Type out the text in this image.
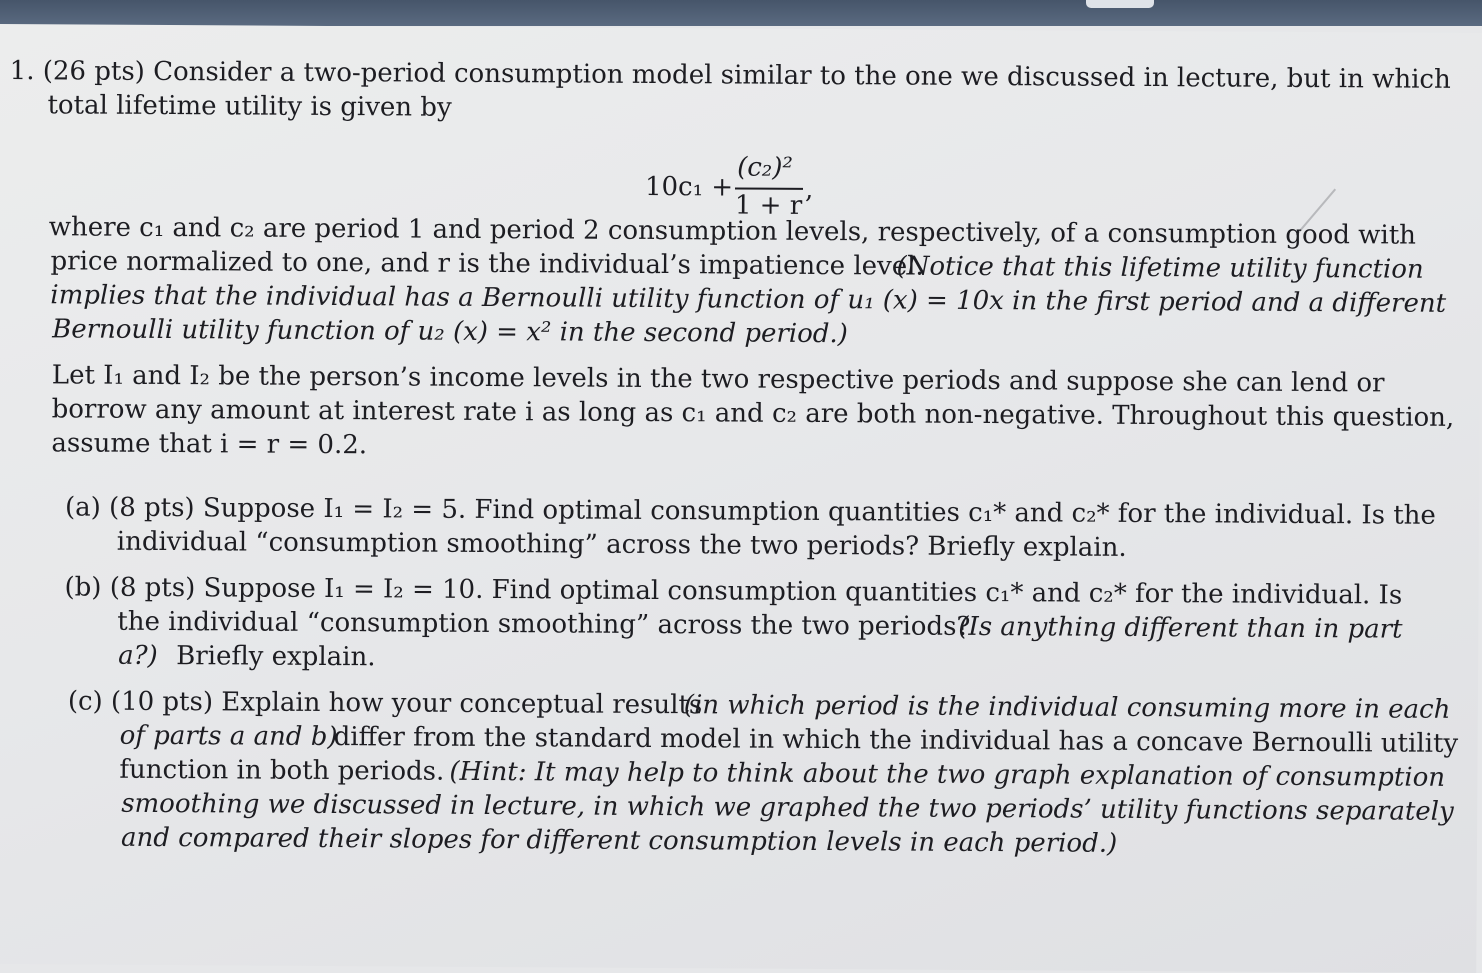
1. (26 pts) Consider a two-period consumption model similar to the one we discussed in lecture, but in which
total lifetime utility is given by
10c₁ +
(c₂)²
1 + r
,
where c₁ and c₂ are period 1 and period 2 consumption levels, respectively, of a consumption good with
price normalized to one, and r is the individual’s impatience level.
(Notice that this lifetime utility function
implies that the individual has a Bernoulli utility function of u₁ (x) = 10x in the first period and a different
Bernoulli utility function of u₂ (x) = x² in the second period.)
Let I₁ and I₂ be the person’s income levels in the two respective periods and suppose she can lend or
borrow any amount at interest rate i as long as c₁ and c₂ are both non-negative. Throughout this question,
assume that i = r = 0.2.
(a) (8 pts) Suppose I₁ = I₂ = 5. Find optimal consumption quantities c₁* and c₂* for the individual. Is the
individual “consumption smoothing” across the two periods? Briefly explain.
(b) (8 pts) Suppose I₁ = I₂ = 10. Find optimal consumption quantities c₁* and c₂* for the individual. Is
the individual “consumption smoothing” across the two periods?
(Is anything different than in part
a?) Briefly explain.
(c) (10 pts) Explain how your conceptual results
(in which period is the individual consuming more in each
of parts a and b)
differ from the standard model in which the individual has a concave Bernoulli utility
function in both periods. (Hint: It may help to think about the two graph explanation of consumption
smoothing we discussed in lecture, in which we graphed the two periods’ utility functions separately
and compared their slopes for different consumption levels in each period.)
